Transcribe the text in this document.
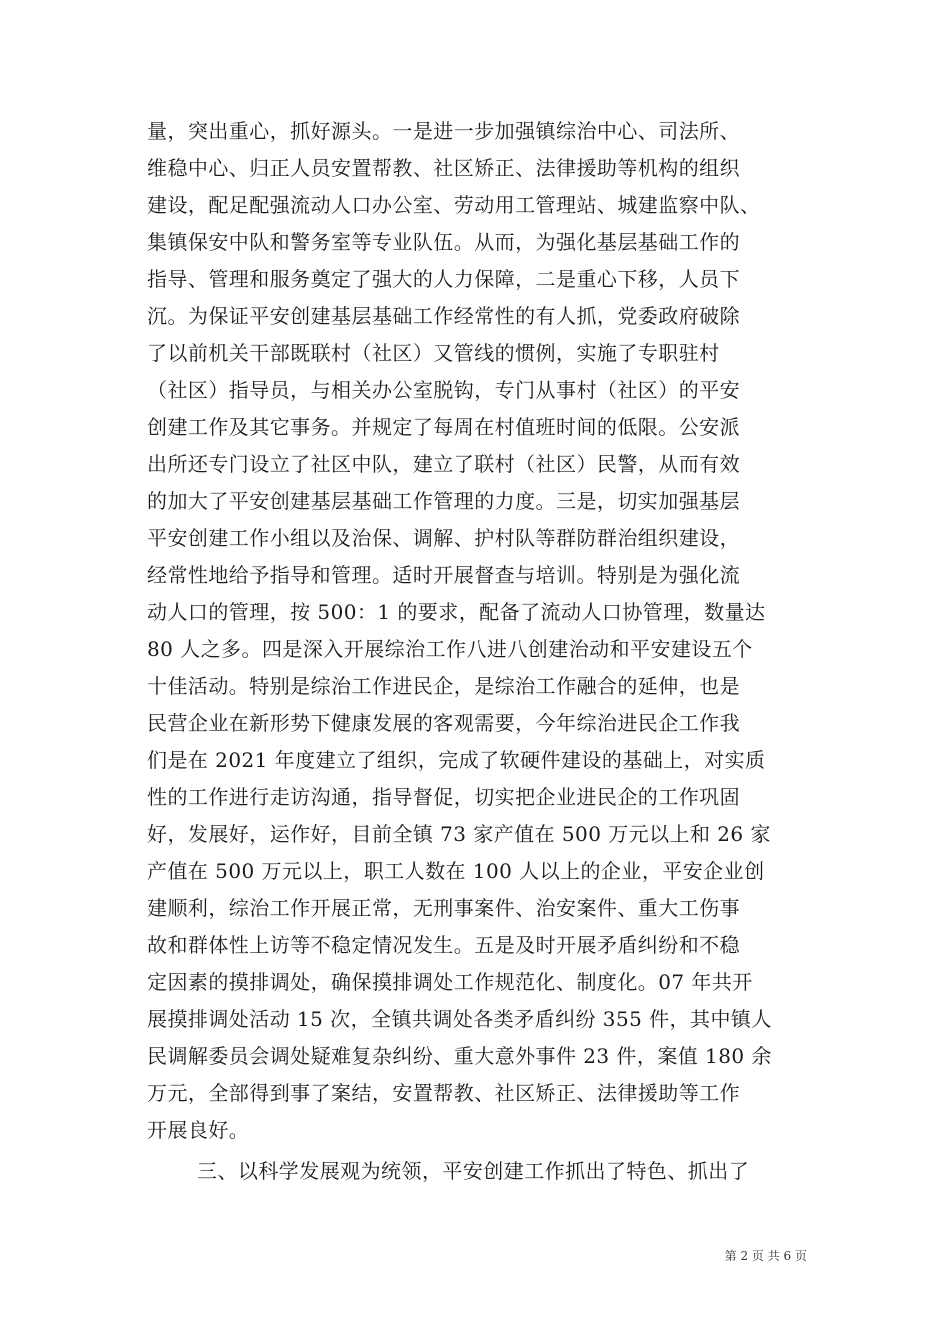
量，突出重心，抓好源头。一是进一步加强镇综治中心、司法所、
维稳中心、归正人员安置帮教、社区矫正、法律援助等机构的组织
建设，配足配强流动人口办公室、劳动用工管理站、城建监察中队、
集镇保安中队和警务室等专业队伍。从而，为强化基层基础工作的
指导、管理和服务奠定了强大的人力保障，二是重心下移，人员下
沉。为保证平安创建基层基础工作经常性的有人抓，党委政府破除
了以前机关干部既联村（社区）又管线的惯例，实施了专职驻村
（社区）指导员，与相关办公室脱钩，专门从事村（社区）的平安
创建工作及其它事务。并规定了每周在村值班时间的低限。公安派
出所还专门设立了社区中队，建立了联村（社区）民警，从而有效
的加大了平安创建基层基础工作管理的力度。三是，切实加强基层
平安创建工作小组以及治保、调解、护村队等群防群治组织建设，
经常性地给予指导和管理。适时开展督查与培训。特别是为强化流
动人口的管理，按 500：1 的要求，配备了流动人口协管理，数量达
80 人之多。四是深入开展综治工作八进八创建治动和平安建设五个
十佳活动。特别是综治工作进民企，是综治工作融合的延伸，也是
民营企业在新形势下健康发展的客观需要，今年综治进民企工作我
们是在 2021 年度建立了组织，完成了软硬件建设的基础上，对实质
性的工作进行走访沟通，指导督促，切实把企业进民企的工作巩固
好，发展好，运作好，目前全镇 73 家产值在 500 万元以上和 26 家
产值在 500 万元以上，职工人数在 100 人以上的企业，平安企业创
建顺利，综治工作开展正常，无刑事案件、治安案件、重大工伤事
故和群体性上访等不稳定情况发生。五是及时开展矛盾纠纷和不稳
定因素的摸排调处，确保摸排调处工作规范化、制度化。07 年共开
展摸排调处活动 15 次，全镇共调处各类矛盾纠纷 355 件，其中镇人
民调解委员会调处疑难复杂纠纷、重大意外事件 23 件，案值 180 余
万元，全部得到事了案结，安置帮教、社区矫正、法律援助等工作
开展良好。
三、以科学发展观为统领，平安创建工作抓出了特色、抓出了
第 2 页 共 6 页
